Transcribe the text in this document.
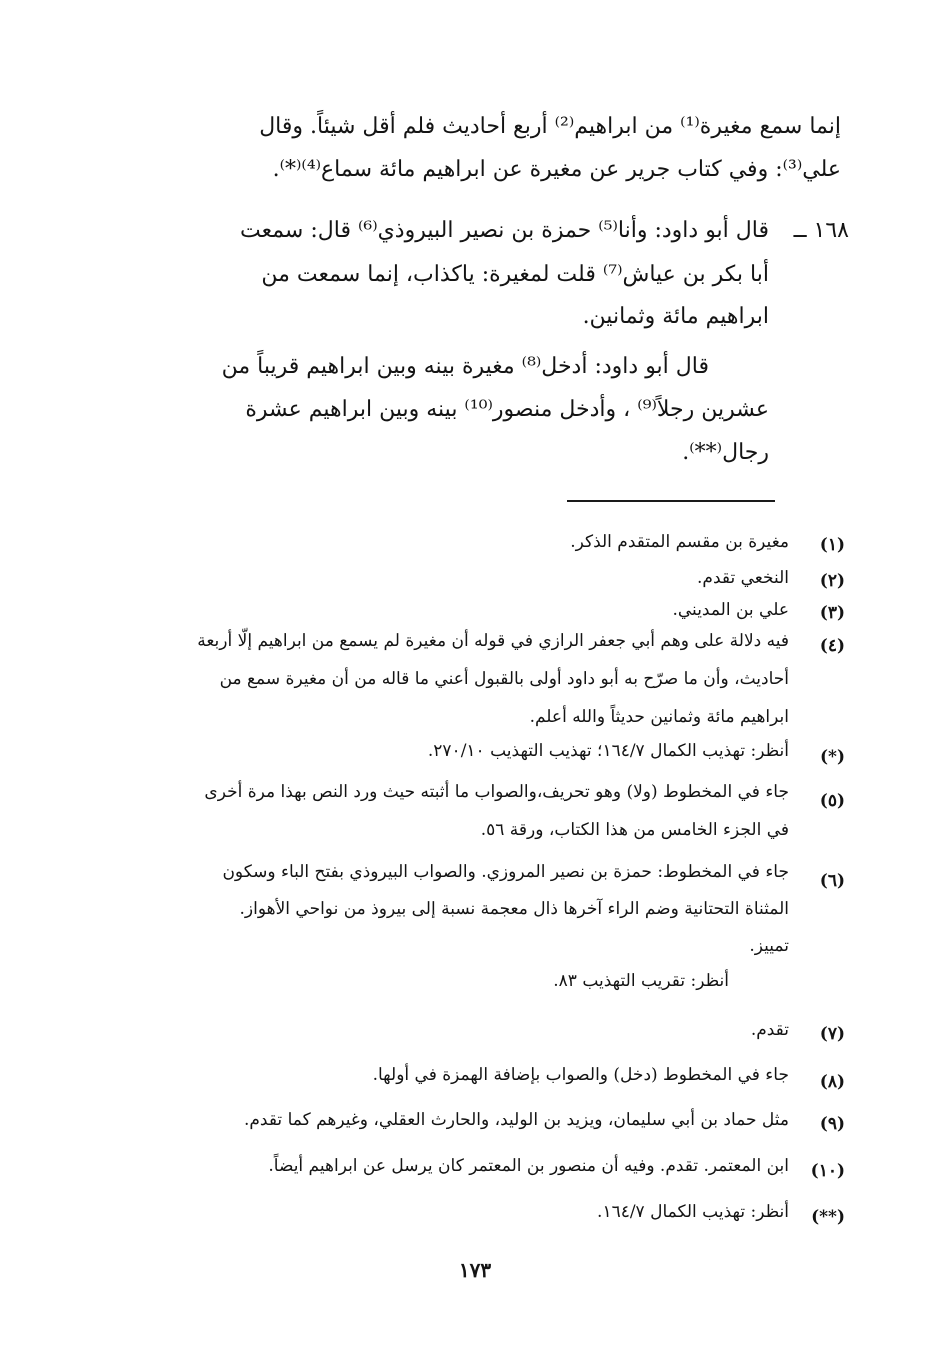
إنما سمع مغيرة⁽¹⁾ من ابراهيم⁽²⁾ أربع أحاديث فلم أقل شيئاً. وقال
علي⁽³⁾: وفي كتاب جرير عن مغيرة عن ابراهيم مائة سماع⁽⁴⁾⁽*⁾.
١٦٨ ــ
قال أبو داود: وأنا⁽⁵⁾ حمزة بن نصير البيروذي⁽⁶⁾ قال: سمعت
أبا بكر بن عياش⁽⁷⁾ قلت لمغيرة: ياكذاب، إنما سمعت من
ابراهيم مائة وثمانين.
قال أبو داود: أدخل⁽⁸⁾ مغيرة بينه وبين ابراهيم قريباً من
عشرين رجلاً⁽⁹⁾ ، وأدخل منصور⁽¹⁰⁾ بينه وبين ابراهيم عشرة
رجال⁽**⁾.
(١)
مغيرة بن مقسم المتقدم الذكر.
(٢)
النخعي تقدم.
(٣)
علي بن المديني.
(٤)
فيه دلالة على وهم أبي جعفر الرازي في قوله أن مغيرة لم يسمع من ابراهيم إلّا أربعة
أحاديث، وأن ما صرّح به أبو داود أولى بالقبول أعني ما قاله من أن مغيرة سمع من
ابراهيم مائة وثمانين حديثاً والله أعلم.
(*)
أنظر: تهذيب الكمال ١٦٤/٧؛ تهذيب التهذيب ٢٧٠/١٠.
(٥)
جاء في المخطوط (ولا) وهو تحريف،والصواب ما أثبته حيث ورد النص بهذا مرة أخرى
في الجزء الخامس من هذا الكتاب، ورقة ٥٦.
(٦)
جاء في المخطوط: حمزة بن نصير المروزي. والصواب البيروذي بفتح الباء وسكون
المثناة التحتانية وضم الراء آخرها ذال معجمة نسبة إلى بيروذ من نواحي الأهواز.
تمييز.
أنظر: تقريب التهذيب ٨٣.
(٧)
تقدم.
(٨)
جاء في المخطوط (دخل) والصواب بإضافة الهمزة في أولها.
(٩)
مثل حماد بن أبي سليمان، ويزيد بن الوليد، والحارث العقلي، وغيرهم كما تقدم.
(١٠)
ابن المعتمر. تقدم. وفيه أن منصور بن المعتمر كان يرسل عن ابراهيم أيضاً.
(**)
أنظر: تهذيب الكمال ١٦٤/٧.
١٧٣
